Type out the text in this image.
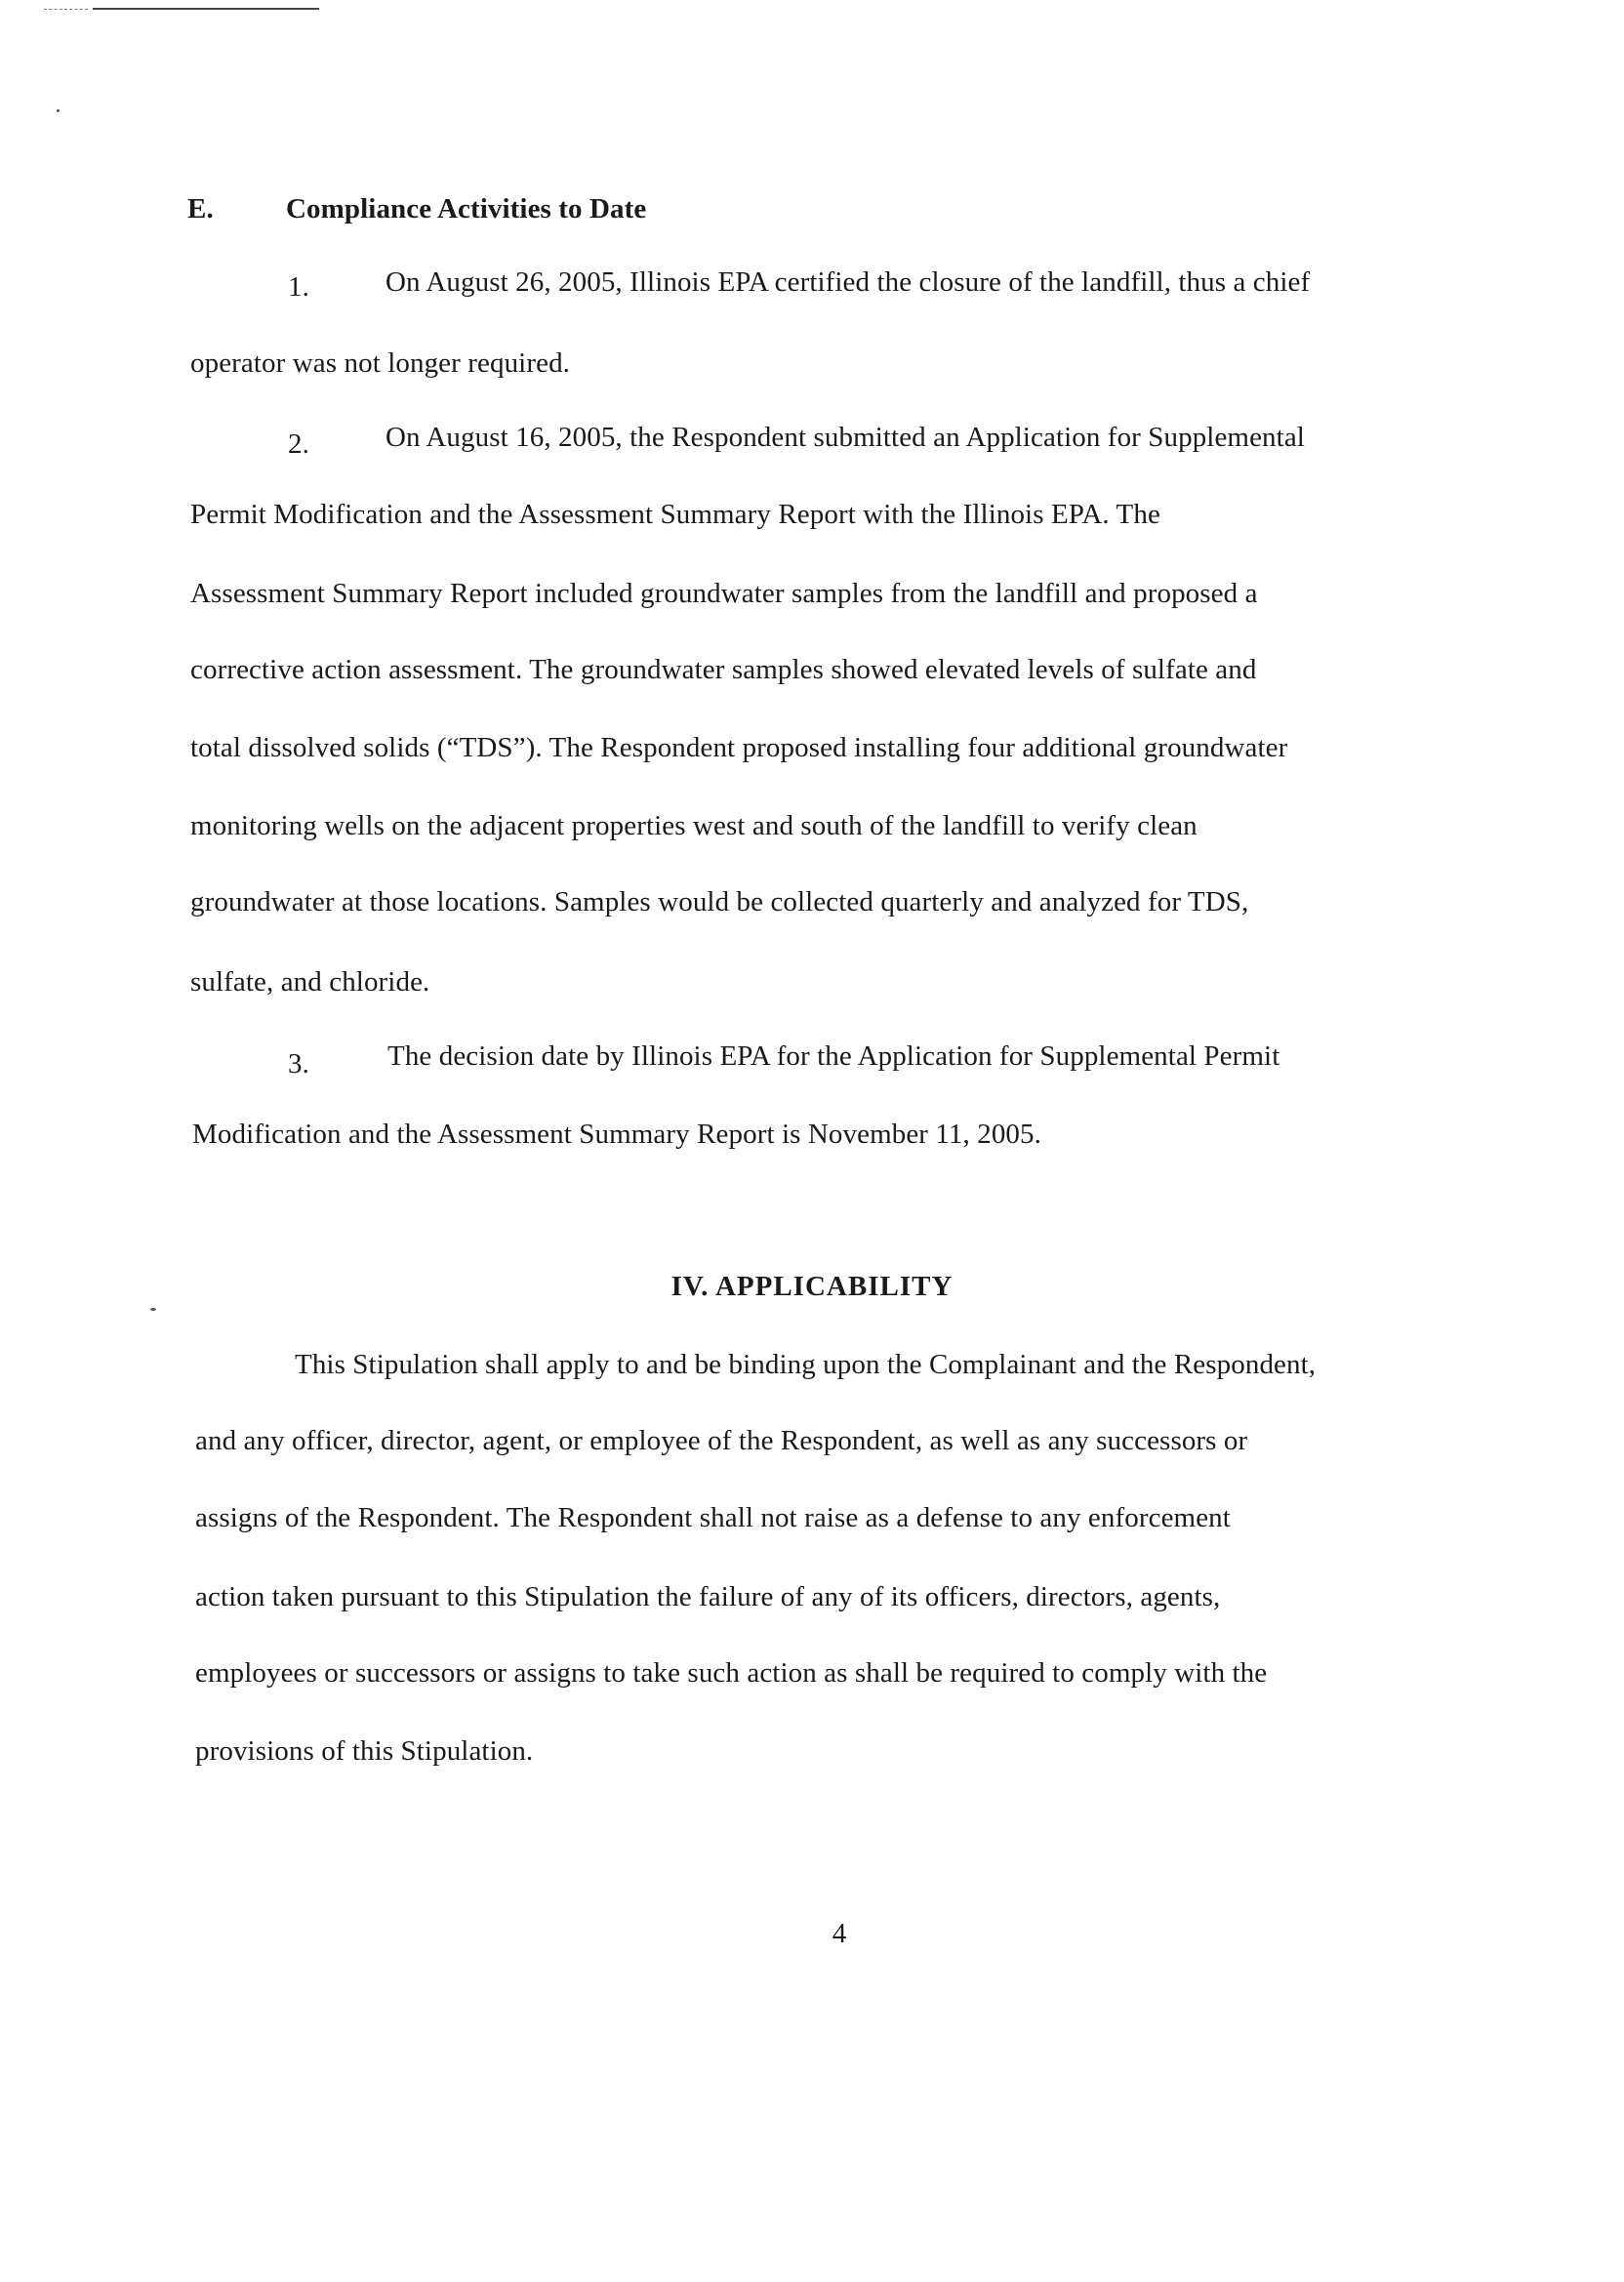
E.	Compliance Activities to Date
1.	On August 26, 2005, Illinois EPA certified the closure of the landfill, thus a chief
operator was not longer required.
2.	On August 16, 2005, the Respondent submitted an Application for Supplemental
Permit Modification and the Assessment Summary Report with the Illinois EPA. The
Assessment Summary Report included groundwater samples from the landfill and proposed a
corrective action assessment. The groundwater samples showed elevated levels of sulfate and
total dissolved solids (“TDS”). The Respondent proposed installing four additional groundwater
monitoring wells on the adjacent properties west and south of the landfill to verify clean
groundwater at those locations. Samples would be collected quarterly and analyzed for TDS,
sulfate, and chloride.
3.	The decision date by Illinois EPA for the Application for Supplemental Permit
Modification and the Assessment Summary Report is November 11, 2005.
IV. APPLICABILITY
This Stipulation shall apply to and be binding upon the Complainant and the Respondent,
and any officer, director, agent, or employee of the Respondent, as well as any successors or
assigns of the Respondent. The Respondent shall not raise as a defense to any enforcement
action taken pursuant to this Stipulation the failure of any of its officers, directors, agents,
employees or successors or assigns to take such action as shall be required to comply with the
provisions of this Stipulation.
4
